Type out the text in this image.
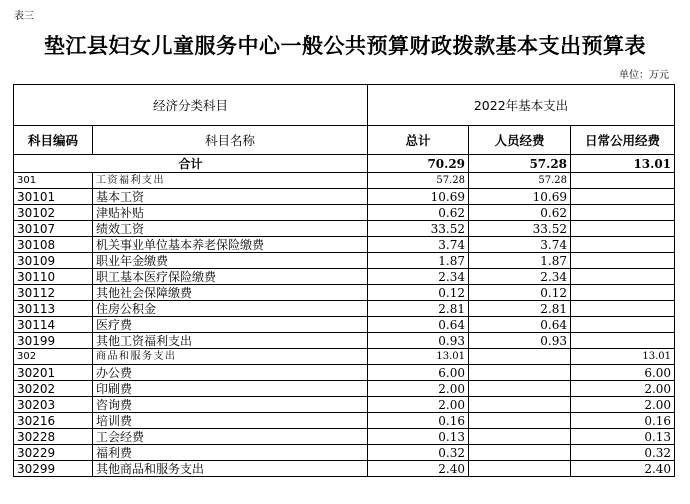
表三
垫江县妇女儿童服务中心一般公共预算财政拨款基本支出预算表
单位：万元
经济分类科目		2022年基本支出		
科目编码	科目名称	总计	人员经费	日常公用经费
合计		70.29	57.28	13.01
301	工资福利支出	57.28	57.28	
30101	基本工资	10.69	10.69	
30102	津贴补贴	0.62	0.62	
30107	绩效工资	33.52	33.52	
30108	机关事业单位基本养老保险缴费	3.74	3.74	
30109	职业年金缴费	1.87	1.87	
30110	职工基本医疗保险缴费	2.34	2.34	
30112	其他社会保障缴费	0.12	0.12	
30113	住房公积金	2.81	2.81	
30114	医疗费	0.64	0.64	
30199	其他工资福利支出	0.93	0.93	
302	商品和服务支出	13.01		13.01
30201	办公费	6.00		6.00
30202	印刷费	2.00		2.00
30203	咨询费	2.00		2.00
30216	培训费	0.16		0.16
30228	工会经费	0.13		0.13
30229	福利费	0.32		0.32
30299	其他商品和服务支出	2.40		2.40
